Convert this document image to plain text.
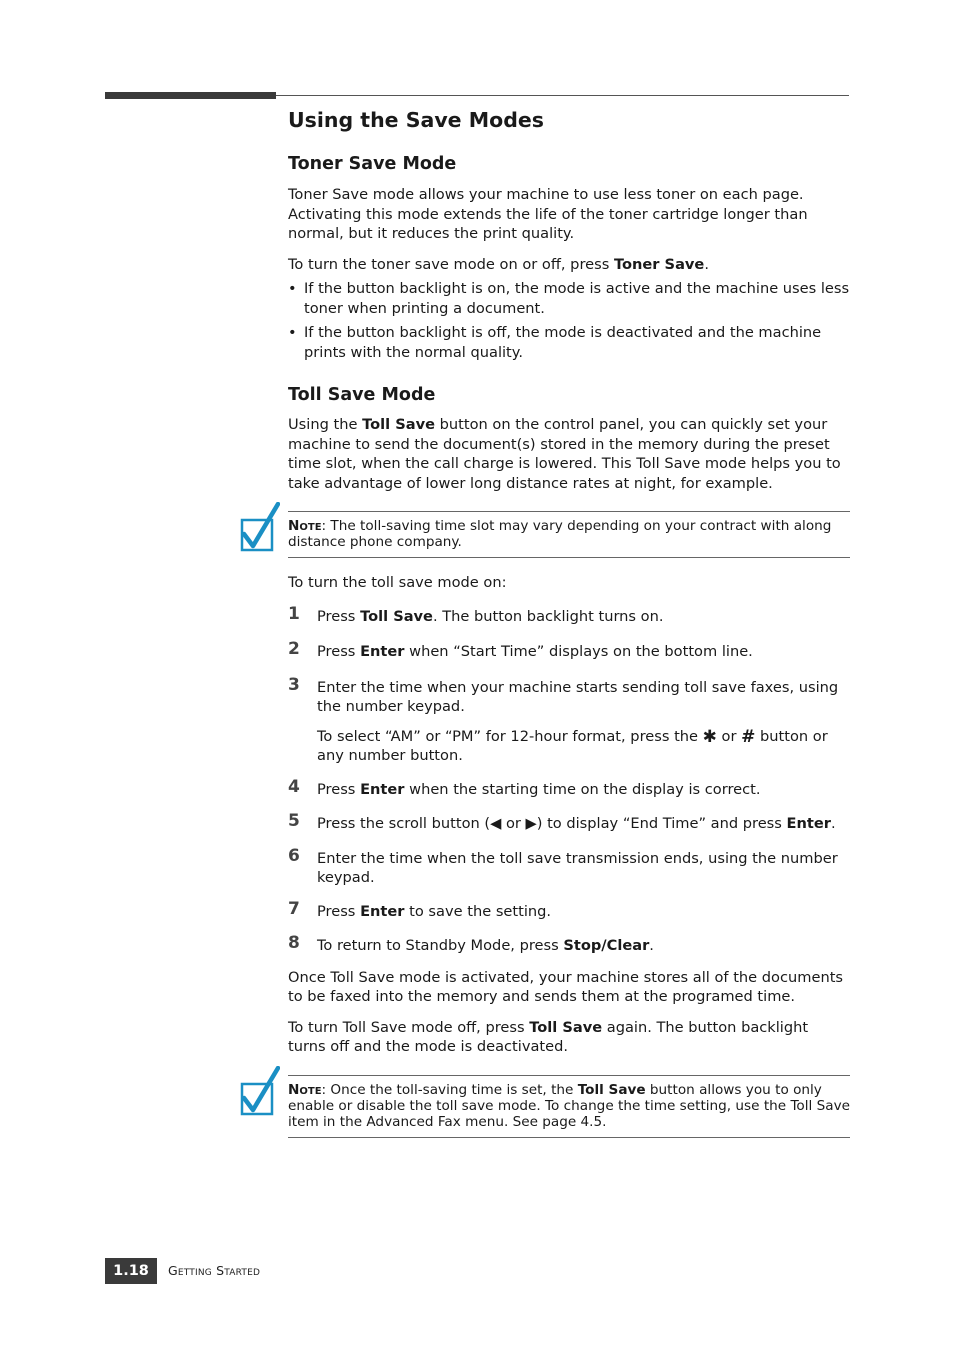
Using the Save Modes
Toner Save Mode

Toner Save mode allows your machine to use less toner on each page. Activating this mode extends the life of the toner cartridge longer than normal, but it reduces the print quality.

To turn the toner save mode on or off, press Toner Save.

• If the button backlight is on, the mode is active and the machine uses less toner when printing a document.
• If the button backlight is off, the mode is deactivated and the machine prints with the normal quality.
Toll Save Mode

Using the Toll Save button on the control panel, you can quickly set your machine to send the document(s) stored in the memory during the preset time slot, when the call charge is lowered. This Toll Save mode helps you to take advantage of lower long distance rates at night, for example.

Note: The toll-saving time slot may vary depending on your contract with along distance phone company.

To turn the toll save mode on:

1 Press Toll Save. The button backlight turns on.

2 Press Enter when “Start Time” displays on the bottom line.

3 Enter the time when your machine starts sending toll save faxes, using the number keypad.

To select “AM” or “PM” for 12-hour format, press the ✱ or # button or any number button.

4 Press Enter when the starting time on the display is correct.

5 Press the scroll button (◀ or ▶) to display “End Time” and press Enter.

6 Enter the time when the toll save transmission ends, using the number keypad.

7 Press Enter to save the setting.

8 To return to Standby Mode, press Stop/Clear.

Once Toll Save mode is activated, your machine stores all of the documents to be faxed into the memory and sends them at the programed time.

To turn Toll Save mode off, press Toll Save again. The button backlight turns off and the mode is deactivated.

Note: Once the toll-saving time is set, the Toll Save button allows you to only enable or disable the toll save mode. To change the time setting, use the Toll Save item in the Advanced Fax menu. See page 4.5.

1.18	Getting Started
